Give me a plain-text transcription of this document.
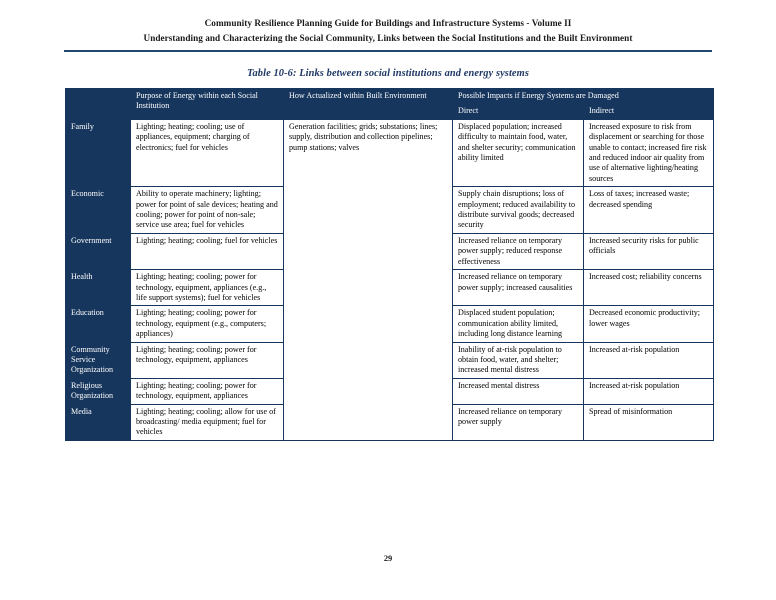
Community Resilience Planning Guide for Buildings and Infrastructure Systems - Volume II
Understanding and Characterizing the Social Community, Links between the Social Institutions and the Built Environment
Table 10-6: Links between social institutions and energy systems
	Purpose of Energy within each Social Institution	How Actualized within Built Environment	Possible Impacts if Energy Systems are Damaged	
			Direct	Indirect
Family	Lighting; heating; cooling; use of appliances, equipment; charging of electronics; fuel for vehicles	Generation facilities; grids; substations; lines; supply, distribution and collection pipelines; pump stations; valves	Displaced population; increased difficulty to maintain food, water, and shelter security; communication ability limited	Increased exposure to risk from displacement or searching for those unable to contact; increased fire risk and reduced indoor air quality from use of alternative lighting/heating sources
Economic	Ability to operate machinery; lighting; power for point of sale devices; heating and cooling; power for point of non-sale; service use area; fuel for vehicles		Supply chain disruptions; loss of employment; reduced availability to distribute survival goods; decreased security	Loss of taxes; increased waste; decreased spending
Government	Lighting; heating; cooling; fuel for vehicles		Increased reliance on temporary power supply; reduced response effectiveness	Increased security risks for public officials
Health	Lighting; heating; cooling; power for technology, equipment, appliances (e.g., life support systems); fuel for vehicles		Increased reliance on temporary power supply; increased causalities	Increased cost; reliability concerns
Education	Lighting; heating; cooling; power for technology, equipment (e.g., computers; appliances)		Displaced student population; communication ability limited, including long distance learning	Decreased economic productivity; lower wages
Community Service Organization	Lighting; heating; cooling; power for technology, equipment, appliances		Inability of at-risk population to obtain food, water, and shelter; increased mental distress	Increased at-risk population
Religious Organization	Lighting; heating; cooling; power for technology, equipment, appliances		Increased mental distress	Increased at-risk population
Media	Lighting; heating; cooling; allow for use of broadcasting/ media equipment; fuel for vehicles		Increased reliance on temporary power supply	Spread of misinformation
29
